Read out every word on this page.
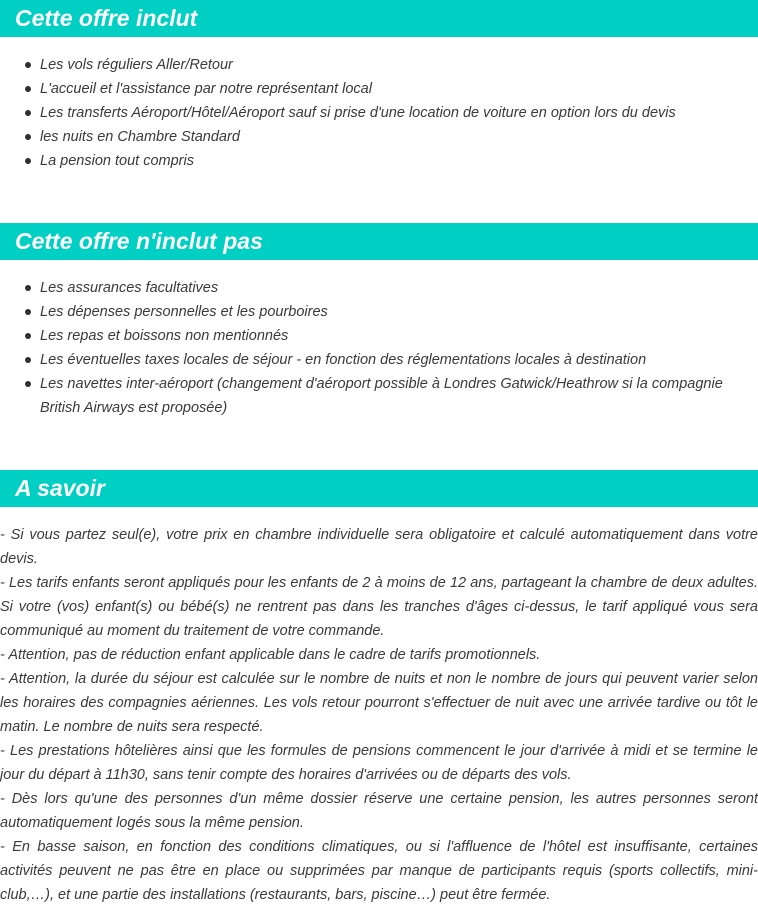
Cette offre inclut
Les vols réguliers Aller/Retour
L'accueil et l'assistance par notre représentant local
Les transferts Aéroport/Hôtel/Aéroport sauf si prise d'une location de voiture en option lors du devis
les nuits en Chambre Standard
La pension tout compris
Cette offre n'inclut pas
Les assurances facultatives
Les dépenses personnelles et les pourboires
Les repas et boissons non mentionnés
Les éventuelles taxes locales de séjour - en fonction des réglementations locales à destination
Les navettes inter-aéroport (changement d'aéroport possible à Londres Gatwick/Heathrow si la compagnie British Airways est proposée)
A savoir

- Si vous partez seul(e), votre prix en chambre individuelle sera obligatoire et calculé automatiquement dans votre devis.

- Les tarifs enfants seront appliqués pour les enfants de 2 à moins de 12 ans, partageant la chambre de deux adultes. Si votre (vos) enfant(s) ou bébé(s) ne rentrent pas dans les tranches d'âges ci-dessus, le tarif appliqué vous sera communiqué au moment du traitement de votre commande.

- Attention, pas de réduction enfant applicable dans le cadre de tarifs promotionnels.

- Attention, la durée du séjour est calculée sur le nombre de nuits et non le nombre de jours qui peuvent varier selon les horaires des compagnies aériennes. Les vols retour pourront s'effectuer de nuit avec une arrivée tardive ou tôt le matin. Le nombre de nuits sera respecté.

- Les prestations hôtelières ainsi que les formules de pensions commencent le jour d'arrivée à midi et se termine le jour du départ à 11h30, sans tenir compte des horaires d'arrivées ou de départs des vols.

- Dès lors qu'une des personnes d'un même dossier réserve une certaine pension, les autres personnes seront automatiquement logés sous la même pension.

- En basse saison, en fonction des conditions climatiques, ou si l'affluence de l'hôtel est insuffisante, certaines activités peuvent ne pas être en place ou supprimées par manque de participants requis (sports collectifs, mini-club,…), et une partie des installations (restaurants, bars, piscine…) peut être fermée.
